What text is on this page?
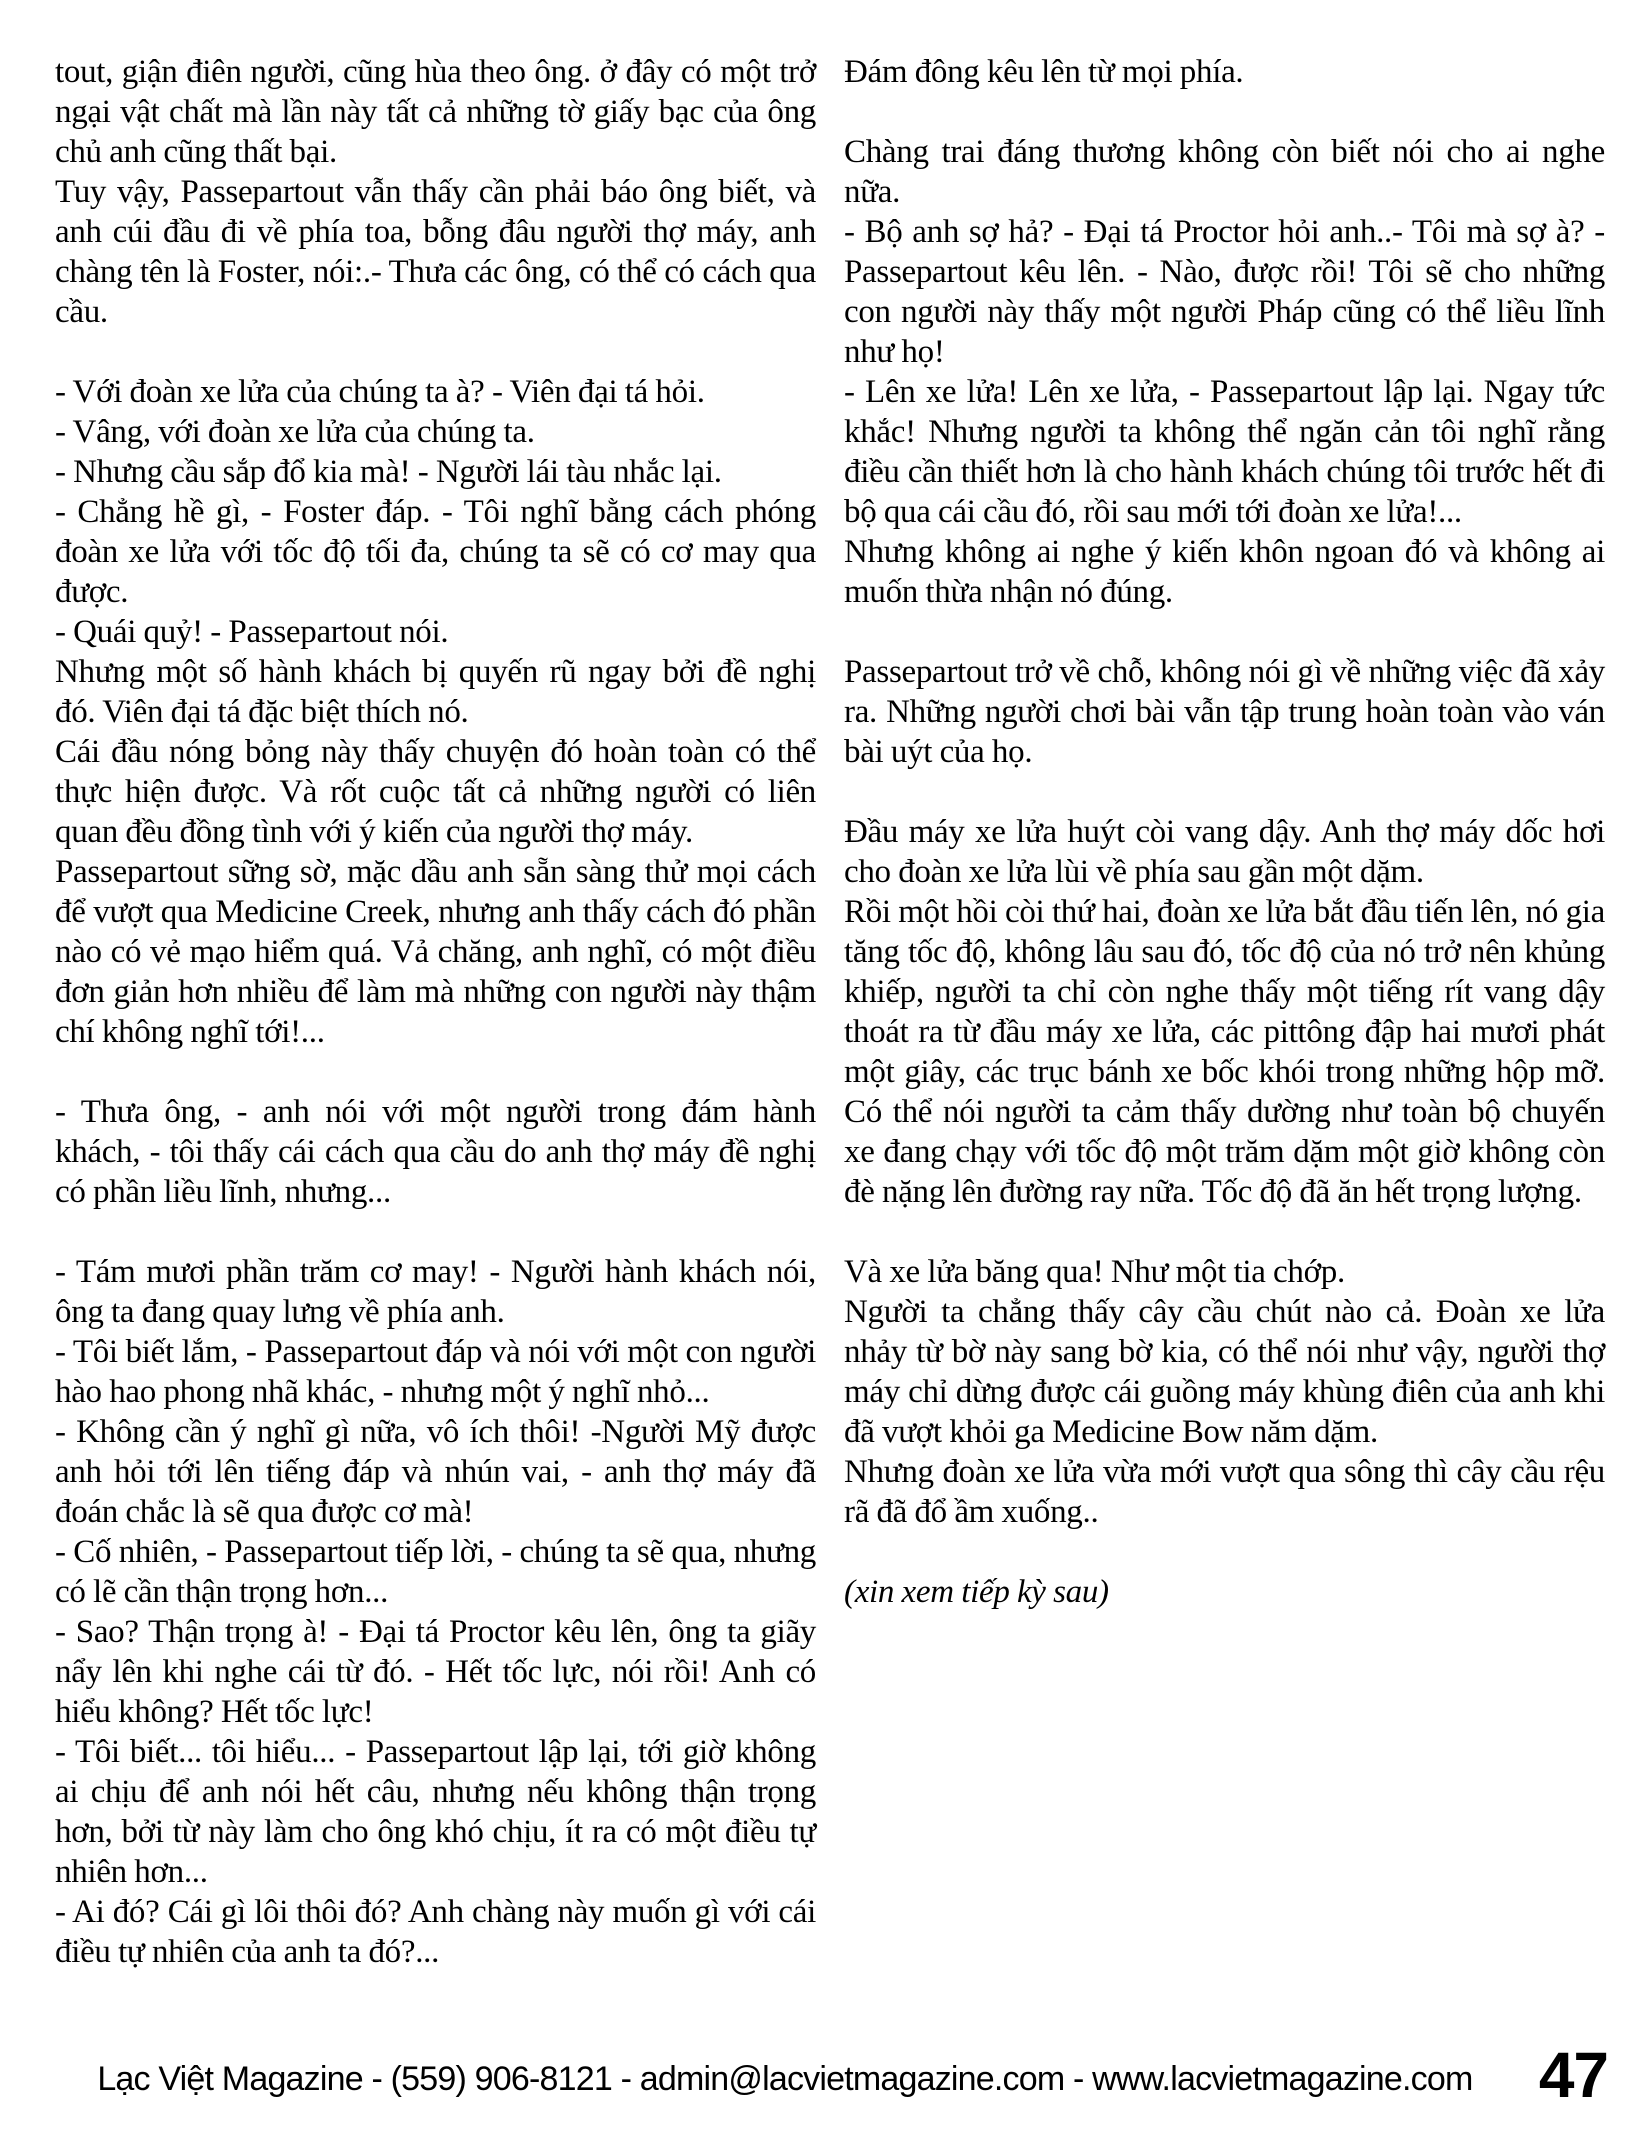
tout, giận điên người, cũng hùa theo ông. ở đây có một trở ngại vật chất mà lần này tất cả những tờ giấy bạc của ông chủ anh cũng thất bại.

Tuy vậy, Passepartout vẫn thấy cần phải báo ông biết, và anh cúi đầu đi về phía toa, bỗng đâu người thợ máy, anh chàng tên là Foster, nói:.- Thưa các ông, có thể có cách qua cầu.

- Với đoàn xe lửa của chúng ta à? - Viên đại tá hỏi.

- Vâng, với đoàn xe lửa của chúng ta.

- Nhưng cầu sắp đổ kia mà! - Người lái tàu nhắc lại.

- Chẳng hề gì, - Foster đáp. - Tôi nghĩ bằng cách phóng đoàn xe lửa với tốc độ tối đa, chúng ta sẽ có cơ may qua được.

- Quái quỷ! - Passepartout nói.

Nhưng một số hành khách bị quyến rũ ngay bởi đề nghị đó. Viên đại tá đặc biệt thích nó.

Cái đầu nóng bỏng này thấy chuyện đó hoàn toàn có thể thực hiện được. Và rốt cuộc tất cả những người có liên quan đều đồng tình với ý kiến của người thợ máy.

Passepartout sững sờ, mặc dầu anh sẵn sàng thử mọi cách để vượt qua Medicine Creek, nhưng anh thấy cách đó phần nào có vẻ mạo hiểm quá. Vả chăng, anh nghĩ, có một điều đơn giản hơn nhiều để làm mà những con người này thậm chí không nghĩ tới!...

- Thưa ông, - anh nói với một người trong đám hành khách, - tôi thấy cái cách qua cầu do anh thợ máy đề nghị có phần liều lĩnh, nhưng...

- Tám mươi phần trăm cơ may! - Người hành khách nói, ông ta đang quay lưng về phía anh.

- Tôi biết lắm, - Passepartout đáp và nói với một con người hào hao phong nhã khác, - nhưng một ý nghĩ nhỏ...

- Không cần ý nghĩ gì nữa, vô ích thôi! -Người Mỹ được anh hỏi tới lên tiếng đáp và nhún vai, - anh thợ máy đã đoán chắc là sẽ qua được cơ mà!

- Cố nhiên, - Passepartout tiếp lời, - chúng ta sẽ qua, nhưng có lẽ cần thận trọng hơn...

- Sao? Thận trọng à! - Đại tá Proctor kêu lên, ông ta giãy nẩy lên khi nghe cái từ đó. - Hết tốc lực, nói rồi! Anh có hiểu không? Hết tốc lực!

- Tôi biết... tôi hiểu... - Passepartout lập lại, tới giờ không ai chịu để anh nói hết câu, nhưng nếu không thận trọng hơn, bởi từ này làm cho ông khó chịu, ít ra có một điều tự nhiên hơn...

- Ai đó? Cái gì lôi thôi đó? Anh chàng này muốn gì với cái điều tự nhiên của anh ta đó?...

Đám đông kêu lên từ mọi phía.

Chàng trai đáng thương không còn biết nói cho ai nghe nữa.

- Bộ anh sợ hả? - Đại tá Proctor hỏi anh..- Tôi mà sợ à? - Passepartout kêu lên. - Nào, được rồi! Tôi sẽ cho những con người này thấy một người Pháp cũng có thể liều lĩnh như họ!

- Lên xe lửa! Lên xe lửa, - Passepartout lập lại. Ngay tức khắc! Nhưng người ta không thể ngăn cản tôi nghĩ rằng điều cần thiết hơn là cho hành khách chúng tôi trước hết đi bộ qua cái cầu đó, rồi sau mới tới đoàn xe lửa!...

Nhưng không ai nghe ý kiến khôn ngoan đó và không ai muốn thừa nhận nó đúng.

Passepartout trở về chỗ, không nói gì về những việc đã xảy ra. Những người chơi bài vẫn tập trung hoàn toàn vào ván bài uýt của họ.

Đầu máy xe lửa huýt còi vang dậy. Anh thợ máy dốc hơi cho đoàn xe lửa lùi về phía sau gần một dặm.

Rồi một hồi còi thứ hai, đoàn xe lửa bắt đầu tiến lên, nó gia tăng tốc độ, không lâu sau đó, tốc độ của nó trở nên khủng khiếp, người ta chỉ còn nghe thấy một tiếng rít vang dậy thoát ra từ đầu máy xe lửa, các pittông đập hai mươi phát một giây, các trục bánh xe bốc khói trong những hộp mỡ. Có thể nói người ta cảm thấy dường như toàn bộ chuyến xe đang chạy với tốc độ một trăm dặm một giờ không còn đè nặng lên đường ray nữa. Tốc độ đã ăn hết trọng lượng.

Và xe lửa băng qua! Như một tia chớp.

Người ta chẳng thấy cây cầu chút nào cả. Đoàn xe lửa nhảy từ bờ này sang bờ kia, có thể nói như vậy, người thợ máy chỉ dừng được cái guồng máy khùng điên của anh khi đã vượt khỏi ga Medicine Bow năm dặm.

Nhưng đoàn xe lửa vừa mới vượt qua sông thì cây cầu rệu rã đã đổ ầm xuống..

(xin xem tiếp kỳ sau)

Lạc Việt Magazine - (559) 906-8121 - admin@lacvietmagazine.com - www.lacvietmagazine.com	47
